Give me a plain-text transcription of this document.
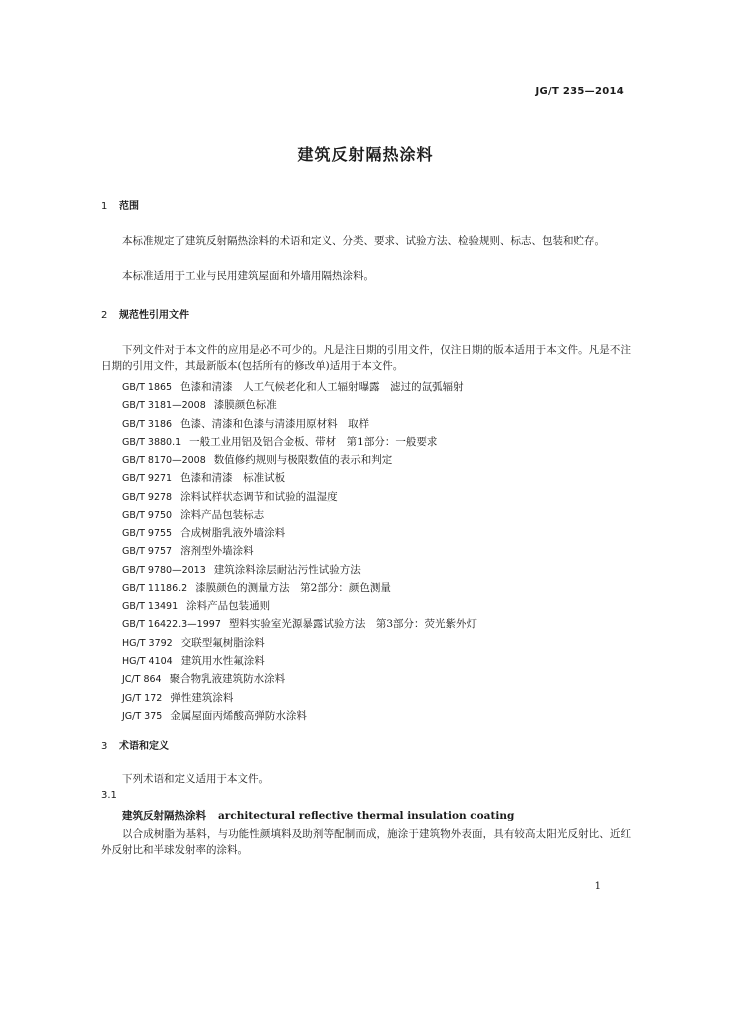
JG/T 235—2014
建筑反射隔热涂料
1 范围
本标准规定了建筑反射隔热涂料的术语和定义、分类、要求、试验方法、检验规则、标志、包装和贮存。
本标准适用于工业与民用建筑屋面和外墙用隔热涂料。
2 规范性引用文件
下列文件对于本文件的应用是必不可少的。凡是注日期的引用文件，仅注日期的版本适用于本文件。凡是不注日期的引用文件，其最新版本(包括所有的修改单)适用于本文件。
GB/T 1865 色漆和清漆　人工气候老化和人工辐射曝露　滤过的氙弧辐射
GB/T 3181—2008 漆膜颜色标准
GB/T 3186 色漆、清漆和色漆与清漆用原材料　取样
GB/T 3880.1 一般工业用铝及铝合金板、带材　第1部分：一般要求
GB/T 8170—2008 数值修约规则与极限数值的表示和判定
GB/T 9271 色漆和清漆　标准试板
GB/T 9278 涂料试样状态调节和试验的温湿度
GB/T 9750 涂料产品包装标志
GB/T 9755 合成树脂乳液外墙涂料
GB/T 9757 溶剂型外墙涂料
GB/T 9780—2013 建筑涂料涂层耐沾污性试验方法
GB/T 11186.2 漆膜颜色的测量方法　第2部分：颜色测量
GB/T 13491 涂料产品包装通则
GB/T 16422.3—1997 塑料实验室光源暴露试验方法　第3部分：荧光紫外灯
HG/T 3792 交联型氟树脂涂料
HG/T 4104 建筑用水性氟涂料
JC/T 864 聚合物乳液建筑防水涂料
JG/T 172 弹性建筑涂料
JG/T 375 金属屋面丙烯酸高弹防水涂料
3 术语和定义
下列术语和定义适用于本文件。
3.1
建筑反射隔热涂料 architectural reflective thermal insulation coating
以合成树脂为基料，与功能性颜填料及助剂等配制而成，施涂于建筑物外表面，具有较高太阳光反射比、近红外反射比和半球发射率的涂料。
1
